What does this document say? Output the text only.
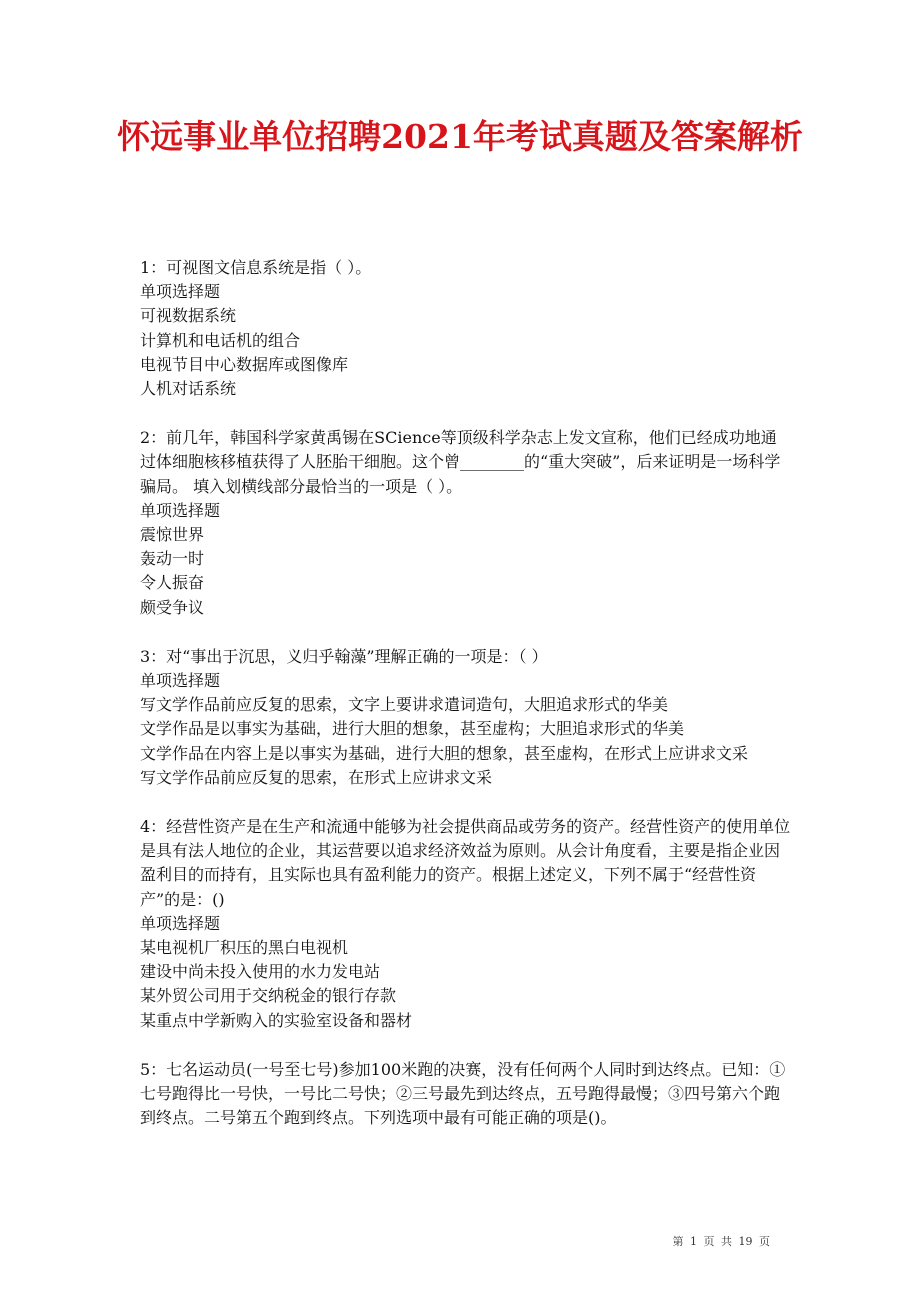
怀远事业单位招聘2021年考试真题及答案解析

1：可视图文信息系统是指（ ）。

单项选择题
可视数据系统
计算机和电话机的组合
电视节目中心数据库或图像库
人机对话系统

2：前几年，韩国科学家黄禹锡在SCience等顶级科学杂志上发文宣称，他们已经成功地通过体细胞核移植获得了人胚胎干细胞。这个曾________的“重大突破”，后来证明是一场科学骗局。 填入划横线部分最恰当的一项是（ ）。

单项选择题
震惊世界
轰动一时
令人振奋
颇受争议

3：对“事出于沉思，义归乎翰藻”理解正确的一项是：（ ）

单项选择题

写文学作品前应反复的思索，文字上要讲求遣词造句，大胆追求形式的华美

文学作品是以事实为基础，进行大胆的想象，甚至虚构；大胆追求形式的华美

文学作品在内容上是以事实为基础，进行大胆的想象，甚至虚构，在形式上应讲求文采

写文学作品前应反复的思索，在形式上应讲求文采

4：经营性资产是在生产和流通中能够为社会提供商品或劳务的资产。经营性资产的使用单位是具有法人地位的企业，其运营要以追求经济效益为原则。从会计角度看，主要是指企业因盈利目的而持有，且实际也具有盈利能力的资产。根据上述定义，下列不属于“经营性资产”的是：()

单项选择题
某电视机厂积压的黑白电视机
建设中尚未投入使用的水力发电站
某外贸公司用于交纳税金的银行存款
某重点中学新购入的实验室设备和器材

5：七名运动员(一号至七号)参加100米跑的决赛，没有任何两个人同时到达终点。已知：①七号跑得比一号快，一号比二号快；②三号最先到达终点，五号跑得最慢；③四号第六个跑到终点。二号第五个跑到终点。下列选项中最有可能正确的项是()。

第 1 页 共 19 页
